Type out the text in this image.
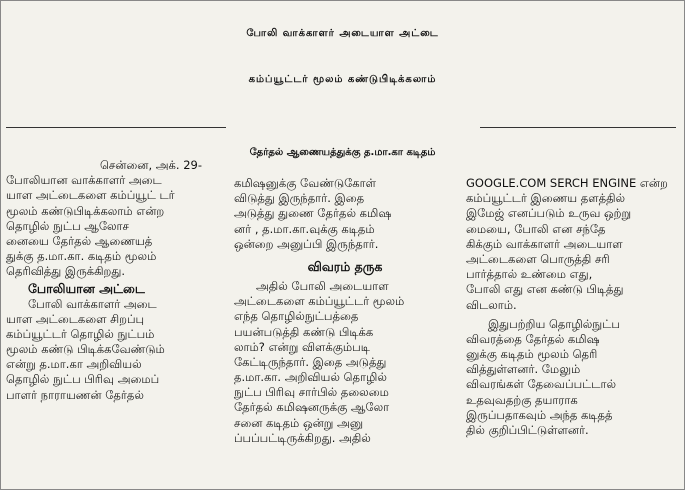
போலி வாக்காளர் அடையாள அட்டை
கம்ப்யூட்டர் மூலம் கண்டுபிடிக்கலாம்
தேர்தல் ஆணையத்துக்கு த.மா.கா கடிதம்
சென்னை, அக். 29-
போலியான வாக்காளர் அடை
யாள அட்டைகளை கம்ப்யூட் டர்
மூலம் கண்டுபிடிக்கலாம் என்ற
தொழில் நுட்ப ஆலோச
னையை தேர்தல் ஆணையத்
துக்கு த.மா.கா. கடிதம் மூலம்
தெரிவித்து இருக்கிறது.
போலியான அட்டை
போலி வாக்காளர் அடை
யாள அட்டைகளை சிறப்பு
கம்ப்யூட்டர் தொழில் நுட்பம்
மூலம் கண்டு பிடிக்கவேண்டும்
என்று த.மா.கா அறிவியல்
தொழில் நுட்ப பிரிவு அமைப்
பாளர் நாராயணன் தேர்தல்
கமிஷனுக்கு வேண்டுகோள்
விடுத்து இருந்தார். இதை
அடுத்து துணை தேர்தல் கமிஷ
னர் , த.மா.கா.வுக்கு கடிதம்
ஒன்றை அனுப்பி இருந்தார்.
விவரம் தருக
அதில் போலி அடையாள
அட்டைகளை கம்ப்யூட்டர் மூலம்
எந்த தொழில்நுட்பத்தை
பயன்படுத்தி கண்டு பிடிக்க
லாம்? என்று விளக்கும்படி
கேட்டிருந்தார். இதை அடுத்து
த.மா.கா. அறிவியல் தொழில்
நுட்ப பிரிவு சார்பில் தலைமை
தேர்தல் கமிஷனருக்கு ஆலோ
சனை கடிதம் ஒன்று அனு
ப்பப்பட்டிருக்கிறது. அதில்
GOOGLE.COM SERCH ENGINE என்ற
கம்ப்யூட்டர் இணைய தளத்தில்
இமேஜ் எனப்படும் உருவ ஒற்று
மையை, போலி என சந்தே
கிக்கும் வாக்காளர் அடையாள
அட்டைகளை பொருத்தி சரி
பார்த்தால் உண்மை எது,
போலி எது என கண்டு பிடித்து
விடலாம்.
இதுபற்றிய தொழில்நுட்ப
விவரத்தை தேர்தல் கமிஷ
னுக்கு கடிதம் மூலம் தெரி
வித்துள்ளனர். மேலும்
விவரங்கள் தேவைப்பட்டால்
உதவுவதற்கு தயாராக
இருப்பதாகவும் அந்த கடிதத்
தில் குறிப்பிட்டுள்ளனர்.
